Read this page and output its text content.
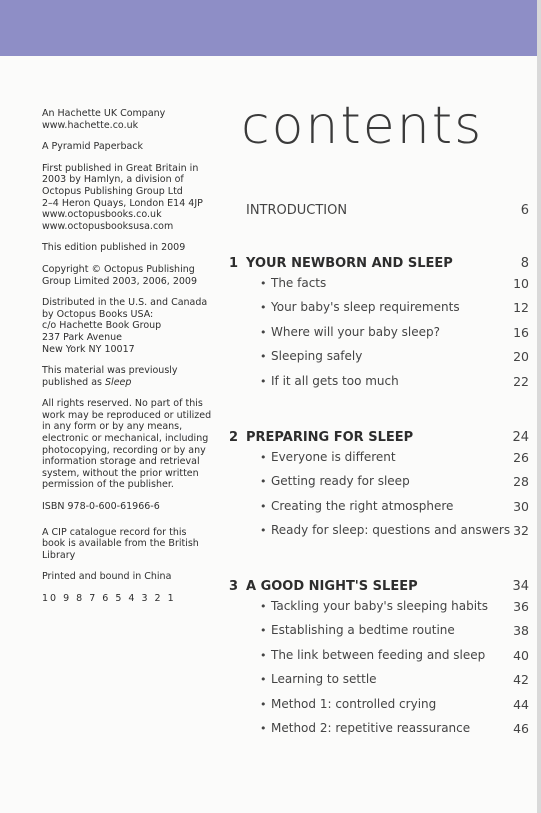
An Hachette UK Company
www.hachette.co.uk

A Pyramid Paperback

First published in Great Britain in
2003 by Hamlyn, a division of
Octopus Publishing Group Ltd
2–4 Heron Quays, London E14 4JP
www.octopusbooks.co.uk
www.octopusbooksusa.com

This edition published in 2009

Copyright © Octopus Publishing
Group Limited 2003, 2006, 2009

Distributed in the U.S. and Canada
by Octopus Books USA:
c/o Hachette Book Group
237 Park Avenue
New York NY 10017

This material was previously
published as Sleep

All rights reserved. No part of this
work may be reproduced or utilized
in any form or by any means,
electronic or mechanical, including
photocopying, recording or by any
information storage and retrieval
system, without the prior written
permission of the publisher.

ISBN 978-0-600-61966-6

A CIP catalogue record for this
book is available from the British
Library

Printed and bound in China

10 9 8 7 6 5 4 3 2 1

contents
INTRODUCTION	6
1 YOUR NEWBORN AND SLEEP	8
• The facts	10
• Your baby's sleep requirements	12
• Where will your baby sleep?	16
• Sleeping safely	20
• If it all gets too much	22
2 PREPARING FOR SLEEP	24
• Everyone is different	26
• Getting ready for sleep	28
• Creating the right atmosphere	30
• Ready for sleep: questions and answers 32
3 A GOOD NIGHT'S SLEEP	34
• Tackling your baby's sleeping habits 36
• Establishing a bedtime routine	38
• The link between feeding and sleep 40
• Learning to settle	42
• Method 1: controlled crying	44
• Method 2: repetitive reassurance	46
